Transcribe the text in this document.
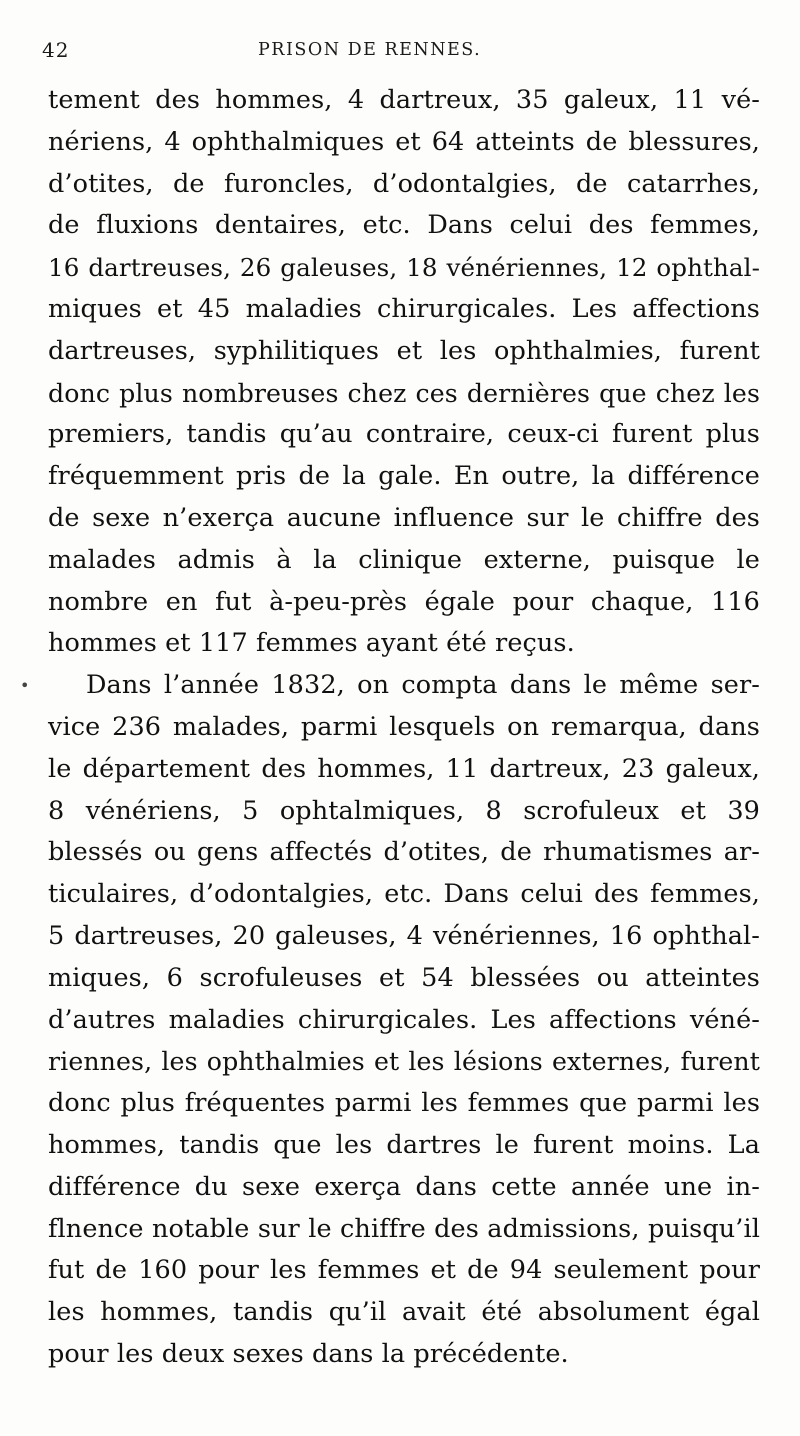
42	PRISON DE RENNES.
•
tement des hommes, 4 dartreux, 35 galeux, 11 vé-
nériens, 4 ophthalmiques et 64 atteints de blessures,
d’otites, de furoncles, d’odontalgies, de catarrhes,
de fluxions dentaires, etc. Dans celui des femmes,
16 dartreuses, 26 galeuses, 18 vénériennes, 12 ophthal-
miques et 45 maladies chirurgicales. Les affections
dartreuses, syphilitiques et les ophthalmies, furent
donc plus nombreuses chez ces dernières que chez les
premiers, tandis qu’au contraire, ceux-ci furent plus
fréquemment pris de la gale. En outre, la différence
de sexe n’exerça aucune influence sur le chiffre des
malades admis à la clinique externe, puisque le
nombre en fut à-peu-près égale pour chaque, 116
hommes et 117 femmes ayant été reçus.
Dans l’année 1832, on compta dans le même ser-
vice 236 malades, parmi lesquels on remarqua, dans
le département des hommes, 11 dartreux, 23 galeux,
8 vénériens, 5 ophtalmiques, 8 scrofuleux et 39
blessés ou gens affectés d’otites, de rhumatismes ar-
ticulaires, d’odontalgies, etc. Dans celui des femmes,
5 dartreuses, 20 galeuses, 4 vénériennes, 16 ophthal-
miques, 6 scrofuleuses et 54 blessées ou atteintes
d’autres maladies chirurgicales. Les affections véné-
riennes, les ophthalmies et les lésions externes, furent
donc plus fréquentes parmi les femmes que parmi les
hommes, tandis que les dartres le furent moins. La
différence du sexe exerça dans cette année une in-
flnence notable sur le chiffre des admissions, puisqu’il
fut de 160 pour les femmes et de 94 seulement pour
les hommes, tandis qu’il avait été absolument égal
pour les deux sexes dans la précédente.
